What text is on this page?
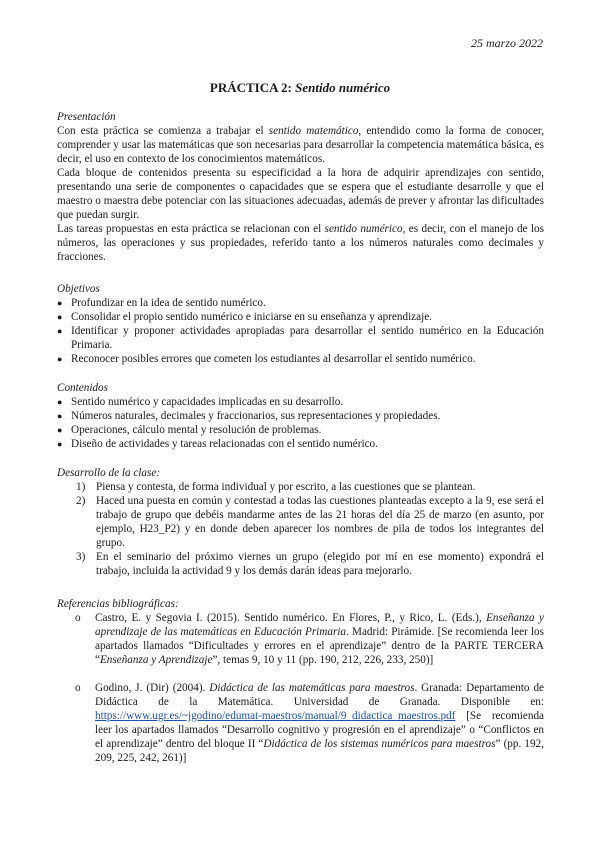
25 marzo 2022
PRÁCTICA 2: Sentido numérico
Presentación

Con esta práctica se comienza a trabajar el sentido matemático, entendido como la forma de conocer, comprender y usar las matemáticas que son necesarias para desarrollar la competencia matemática básica, es decir, el uso en contexto de los conocimientos matemáticos.

Cada bloque de contenidos presenta su especificidad a la hora de adquirir aprendizajes con sentido, presentando una serie de componentes o capacidades que se espera que el estudiante desarrolle y que el maestro o maestra debe potenciar con las situaciones adecuadas, además de prever y afrontar las dificultades que puedan surgir.

Las tareas propuestas en esta práctica se relacionan con el sentido numérico, es decir, con el manejo de los números, las operaciones y sus propiedades, referido tanto a los números naturales como decimales y fracciones.

Objetivos
● Profundizar en la idea de sentido numérico.
● Consolidar el propio sentido numérico e iniciarse en su enseñanza y aprendizaje.
● Identificar y proponer actividades apropiadas para desarrollar el sentido numérico en la Educación Primaria.
● Reconocer posibles errores que cometen los estudiantes al desarrollar el sentido numérico.
Contenidos
● Sentido numérico y capacidades implicadas en su desarrollo.
● Números naturales, decimales y fraccionarios, sus representaciones y propiedades.
● Operaciones, cálculo mental y resolución de problemas.
● Diseño de actividades y tareas relacionadas con el sentido numérico.
Desarrollo de la clase:
1) Piensa y contesta, de forma individual y por escrito, a las cuestiones que se plantean.
2) Haced una puesta en común y contestad a todas las cuestiones planteadas excepto a la 9, ese será el trabajo de grupo que debéis mandarme antes de las 21 horas del día 25 de marzo (en asunto, por ejemplo, H23_P2) y en donde deben aparecer los nombres de pila de todos los integrantes del grupo.
3) En el seminario del próximo viernes un grupo (elegido por mí en ese momento) expondrá el trabajo, incluida la actividad 9 y los demás darán ideas para mejorarlo.
Referencias bibliográficas:
o Castro, E. y Segovia I. (2015). Sentido numérico. En Flores, P., y Rico, L. (Eds.), Enseñanza y aprendizaje de las matemáticas en Educación Primaria. Madrid: Pirámide. [Se recomienda leer los apartados llamados “Dificultades y errores en el aprendizaje” dentro de la PARTE TERCERA “Enseñanza y Aprendizaje”, temas 9, 10 y 11 (pp. 190, 212, 226, 233, 250)]
o Godino, J. (Dir) (2004). Didáctica de las matemáticas para maestros. Granada: Departamento de Didáctica de la Matemática. Universidad de Granada. Disponible en: https://www.ugr.es/~jgodino/edumat-maestros/manual/9_didactica_maestros.pdf [Se recomienda leer los apartados llamados “Desarrollo cognitivo y progresión en el aprendizaje” o “Conflictos en el aprendizaje” dentro del bloque II “Didáctica de los sistemas numéricos para maestros” (pp. 192, 209, 225, 242, 261)]
